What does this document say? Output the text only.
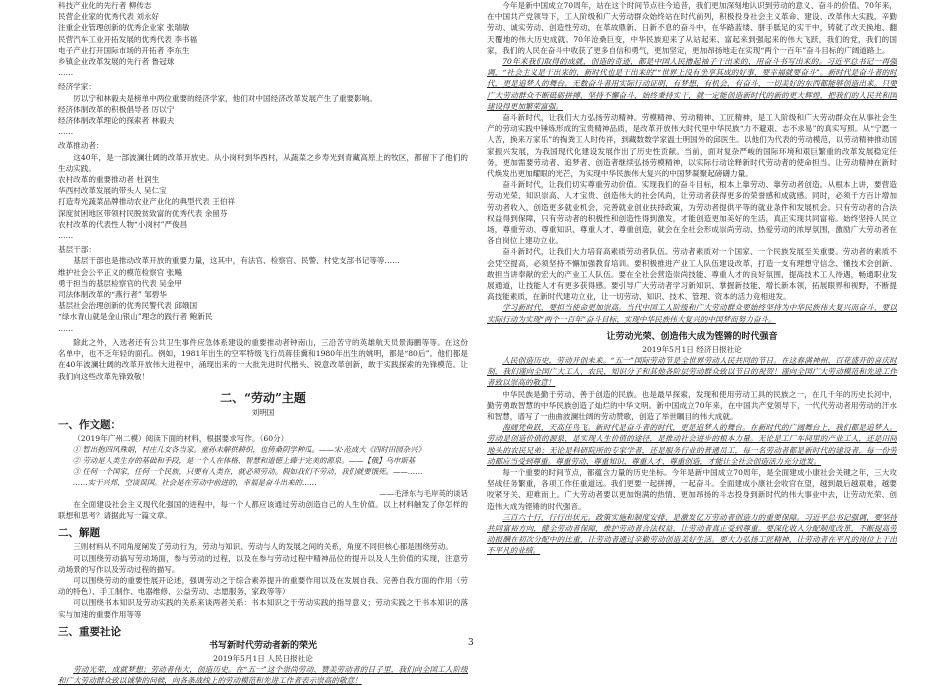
科技产业化的先行者 柳传志
民营企业家的优秀代表 刘永好
注重企业管理创新的优秀企业家 张瑞敏
民营汽车工业开拓发展的优秀代表 李书福
电子产业打开国际市场的开拓者 李东生
乡镇企业改革发展的先行者 鲁冠球
……

经济学家：

厉以宁和林毅夫是榜单中两位重要的经济学家，他们对中国经济改革发展产生了重要影响。

经济体制改革的积极倡导者 厉以宁
经济体制改革理论的探索者 林毅夫
……

改革推动者：

这40年，是一部波澜壮阔的改革开放史。从小岗村到华西村，从蔬菜之乡寿光到青藏高原上的牧区，都留下了他们的生动实践。

农村改革的重要推动者 杜润生
华西村改革发展的带头人 吴仁宝
打造寿光蔬菜品牌推动农业产业化的典型代表 王伯祥
深度贫困地区带领村民脱贫致富的优秀代表 余留芬
农村改革的代表性人物“小岗村”严俊昌
……

基层干部：

基层干部也是推动改革开放的重要力量，这其中，有法官、检察官、民警、村党支部书记等等……

维护社会公平正义的模范检察官 张飚
勇于担当的基层检察官的代表 吴金甲
司法体制改革的“燕行者” 邹碧华
基层社会治理创新的优秀民警代表 邱娥国
“绿水青山就是金山银山”理念的践行者 鲍新民
……

除此之外，入选者还有公共卫生事件应急体系建设的重要推动者钟南山，三沿苦守的英雄航天员景海鹏等等。在这份名单中，也不乏年轻的面孔。例如，1981年出生的空军特级飞行员蒋佳冀和1980年出生的姚明，都是“80后”。他们都是在40年波澜壮阔的改革开放伟大进程中，涌现出来的一大批先进时代楷头、锐意改革创新，敢于实践探索的先锋模范。让我们向这些改革先锋致敬！

二、“劳动”主题
刘明国
一、作文题：

（2019年广州二模）阅读下面的材料，根据要求写作。（60分）

① 暂出抱四风殊娟，村庄儿女各当家。童孙未解供耕织，也傍桑阴学种瓜。——宋·范成大《四时田园杂兴》
② 劳动是人类生存的基础和手段，是一个人在体格、智慧和道德上臻于完美的源泉。——【俄】乌申斯基
③ 任何一个国家，任何一个民族，只要有人类在，就必须劳动。假如我们不劳动，我们就要饿死。——……

……实干兴邦，空谈误国。社会是在劳动中前进的，幸福是奋斗出来的……

——毛泽东与毛岸英的谈话

在全面建设社会主义现代化强国的进程中，每一个人都应该通过劳动创造自己的人生价值。以上材料触发了你怎样的联想和思考？请据此写一篇文章。

二、解题
三则材料从不同角度阐发了劳动行为，劳动与知识、劳动与人的发展之间的关系，角度不同但核心都是围绕劳动。
可以围绕劳动搞写劳动场面，参与劳动的过程，以及在参与劳动过程中精神品位的提升以及人生价值的实现，注意劳动场景的写作以及劳动过程的描写。
可以围绕劳动的重要性展开论述，强调劳动之于综合素养提升的重要作用以及在发展自我、完善自我方面的作用（劳动的特色）、手工制作、电器维修、公益劳动、志愿服务、家政等等）
可以围绕书本知识及劳动实践的关系来谈两者关系：书本知识之于劳动实践的指导意义；劳动实践之于书本知识的落实与加速的重要作用等等
三、重要社论
书写新时代劳动者新的荣光
2019年5月1日 人民日报社论

劳动光荣，成就梦想；劳动者伟大，创造历史。在“五一”这个崇尚劳动、赞美劳动者的日子里，我们向全国工人阶级和广大劳动群众致以诚挚的问候，向各条战线上的劳动模范和先进工作者表示崇高的敬意！

今年是新中国成立70周年，站在这个时间节点往今追昔，我们更加深刻地认识到劳动的意义、奋斗的价值。70年来，在中国共产党领导下，工人阶级和广大劳动群众始终站在时代前列，积极投身社会主义革命、建设、改革伟大实践，辛勤劳动、诚实劳动、创造性劳动，在革故鼎新、日新不息的奋斗中，在华路蓝缕、胼手胝足的实干中，铸就了改天换地、翻天覆地的伟大历史成就。70年沧桑巨变，中华民族迎来了从站起来、富起来到强起来的伟大飞跃，我们的党，我们的国家，我们的人民在奋斗中收获了更多自信和勇气，更加坚定，更加昂扬地走在实现“两个一百年”奋斗目标的广阔道路上。

70年来我们取得的成就，创造的奇迹，都是中国人民撸起袖子干出来的、用奋斗书写出来的。习近平总书记一再强调，“社会主义是干出来的，新时代也是干出来的”“世界上没有坐享其成的好事，要幸福就要奋斗”。新时代是奋斗者的时代，更是追梦人的舞台。无数奋斗者用实际行动证明，有梦想，有机会，有奋斗，一切美好的东西都能够创造出来。只要广大劳动群众不断砥砺拼搏、坚持不懈奋斗，始终秉持实干，就一定能创造新时代的新的更大辉煌，把我们的人民共和国建设得更加繁荣富强。

奋斗新时代，让我们大力弘扬劳动精神。劳模精神、劳动精神、工匠精神，是工人阶级和广大劳动群众在从事社会生产的劳动实践中锤炼形成的宝贵精神品质，是改革开放伟大时代里中华民族“力不避艰、志不求易”的真实写照。从“宁愿一人苦，换来万家乐”的掏粪工人时传祥，到藏数数学家温士明国外的邱医生。以他们为代表的劳动模范，以劳动精神推动国家振兴发展，为我国现代化建设发展作出了历史性贡献。当前，面对复杂严峻的国际环境和艰巨繁重的改革发展稳定任务，更加需要劳动者、追梦者、创造者继续弘扬劳模精神，以实际行动诠释新时代劳动者的使命担当。让劳动精神在新时代焕发出更加耀眼的光芒，为实现中华民族伟大复兴的中国梦凝聚起磅礴力量。

奋斗新时代，让我们切实尊重劳动价值。实现我们的奋斗目标，根本上靠劳动、靠劳动者创造。从根本上讲，要营造劳动光荣、知识崇高、人才宝贵、创造伟大的社会风尚，让劳动者获得更多的荣誉感和成就感。同时，必须千方百计增加劳动者收入，创造更多就业机会，完善就业创业扶持政策，为劳动者提供平等的就业条件和发展机会。只有劳动者的合法权益得到保障，只有劳动者的积极性和创造性得到激发，才能创造更加美好的生活，真正实现共同富裕。始终坚持人民立场，尊重劳动、尊重知识、尊重人才、尊重创造，就会在全社会形成崇尚劳动、热爱劳动的浓厚氛围，激励广大劳动者在各自岗位上建功立业。

奋斗新时代，让我们大力培育高素质劳动者队伍。劳动者素质对一个国家、一个民族发展至关重要。劳动者的素质不会凭空提高，必须坚持不懈加强教育培训。要积极推进产业工人队伍建设改革，打造一支有理想守信念、懂技术会创新、敢担当讲奉献的宏大的产业工人队伍。要在全社会营造崇尚技能、尊重人才的良好氛围，提高技术工人待遇，畅通职业发展通道，让技能人才有更多获得感。要引导广大劳动者学习新知识、掌握新技能、增长新本领，拓展眼界和视野，不断提高技能素质，在新时代建功立业，让一切劳动、知识、技术、管理、资本的活力竞相进发。

学习新时代，要担当使命更加崇高。当代中国工人阶级和广大劳动群众要始终坚持为中华民族伟大复兴而奋斗，要以实际行动为实现“两个一百年”奋斗目标、实现中华民族伟大复兴的中国梦而努力奋斗。

让劳动光荣、创造伟大成为铿锵的时代强音
2019年5月1日 经济日报社论

人民创造历史，劳动开创未来。“五一”国际劳动节是全世界劳动人民共同的节日。在这春满神州、百花盛开的喜庆时刻，我们谨向全国广大工人、农民、知识分子和其他各阶层劳动群众致以节日的祝贺！谨向全国广大劳动模范和先进工作者致以崇高的敬意！

中华民族是勤于劳动、善于创造的民族。也是最早探索、发现和使用劳动工具的民族之一，在几千年的历史长河中，勤劳勇敢智慧的中华民族创造了灿烂的中华文明。新中国成立70年来，在中国共产党领导下，一代代劳动者用劳动的汗水和智慧，谱写了一曲曲波澜壮阔的劳动赞歌，创造了举世瞩目的伟大成就。

海阔凭鱼跃，天高任鸟飞。新时代是奋斗者的时代，更是追梦人的舞台。在新时代的广阔舞台上，我们都是追梦人。劳动是创造价值的源泉，是实现人生价值的途径，是推动社会进步的根本力量。无论是工厂车间里的产业工人，还是田间地头的农民兄弟；无论是科研院所的专家学者，还是服务行业的普通员工，每一名劳动者都是新时代的建设者，每一份劳动都应当受到尊重。尊重劳动、尊重知识、尊重人才、尊重创造，才能让全社会创造活力充分迸发。

每一个重要的时间节点，都蕴含力量的历史坐标。今年是新中国成立70周年，是全面建成小康社会关键之年，三大攻坚战任务繁重，各项工作任重道远。我们更要一起拼搏，一起奋斗。全面建成小康社会收官在望，越到最后越艰难，越要咬紧牙关、迎难而上。广大劳动者要以更加饱满的热情、更加昂扬的斗志投身到新时代的伟大事业中去，让劳动光荣、创造伟大成为铿锵的时代强音。

三百六十行，行行出状元。政策实施和制度安排，是激发亿万劳动者创造力的重要保障。习近平总书记强调，要坚持共同富裕方向，健全劳动者保障，维护劳动者合法权益，让劳动者真正受到尊重。要深化收入分配制度改革，不断提高劳动报酬在初次分配中的比重，让劳动者通过辛勤劳动创造美好生活。要大力弘扬工匠精神，让劳动者在平凡的岗位上干出不平凡的业绩。

3
